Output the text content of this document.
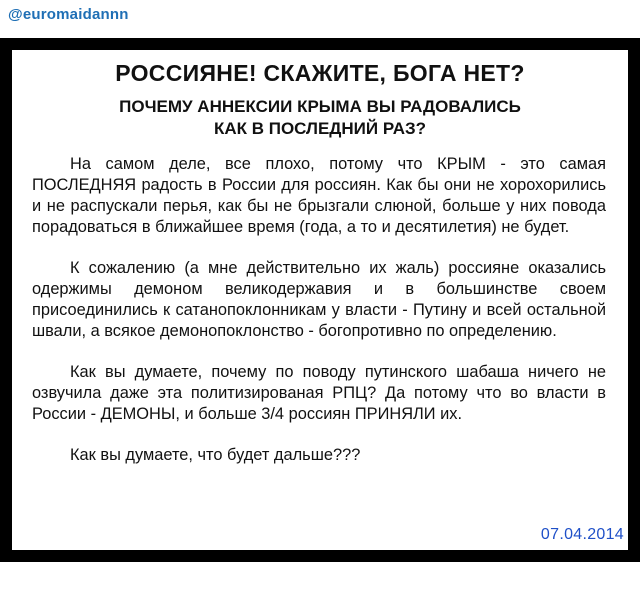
@euromaidannn
РОССИЯНЕ! СКАЖИТЕ, БОГА НЕТ?
ПОЧЕМУ АННЕКСИИ КРЫМА ВЫ РАДОВАЛИСЬ
КАК В ПОСЛЕДНИЙ РАЗ?

На самом деле, все плохо, потому что КРЫМ - это самая ПОСЛЕДНЯЯ радость в России для россиян. Как бы они не хорохорились и не распускали перья, как бы не брызгали слюной, больше у них повода порадоваться в ближайшее время (года, а то и десятилетия) не будет.

К сожалению (а мне действительно их жаль) россияне оказались одержимы демоном великодержавия и в большинстве своем присоединились к сатанопоклонникам у власти - Путину и всей остальной швали, а всякое демонопоклонство - богопротивно по определению.

Как вы думаете, почему по поводу путинского шабаша ничего не озвучила даже эта политизированая РПЦ? Да потому что во власти в России - ДЕМОНЫ, и больше 3/4 россиян ПРИНЯЛИ их.

Как вы думаете, что будет дальше???

07.04.2014
